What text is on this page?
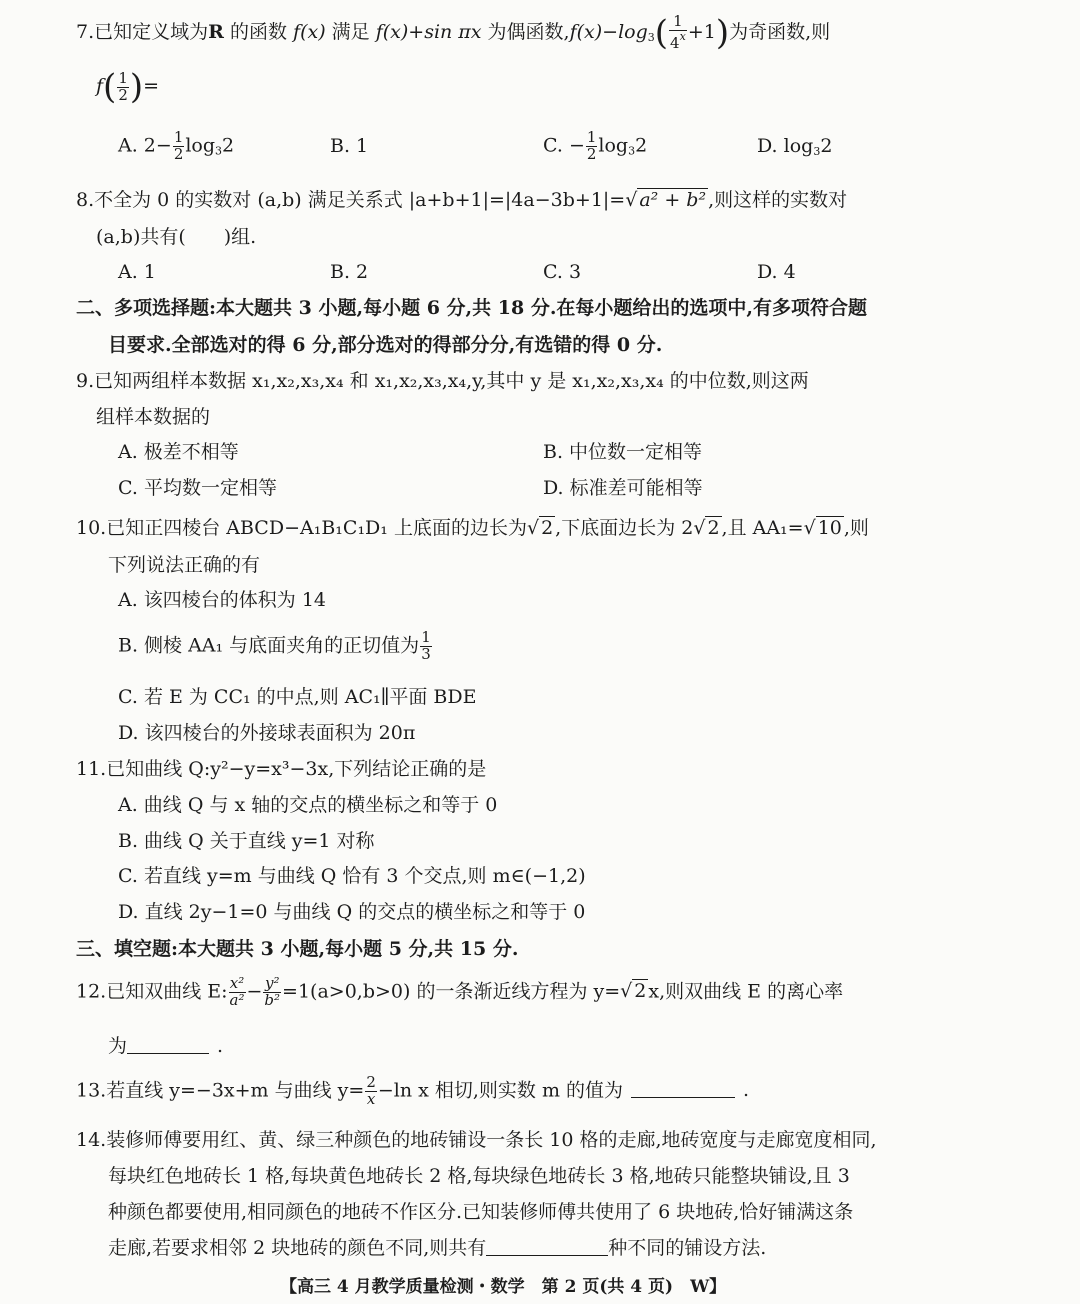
7.已知定义域为R 的函数 f(x) 满足 f(x)+sin πx 为偶函数$,f(x)-\log_3( \frac{1}{4^x} +1)$为奇函数,则
$f( \frac{1}{2}$ )=
A. $2- \frac{1}{2} \log_32$	B. 1	C. − $\frac{1}{2} \log_32$	D. $\log_32$
8.不全为 0 的实数对 (a,b) 满足关系式 |a+b+1|=|4a−3b+1|=√ a² + b² ,则这样的实数对
(a,b)共有(　　)组.
A. 1	B. 2	C. 3	D. 4
二、多项选择题:本大题共 3 小题,每小题 6 分,共 18 分.在每小题给出的选项中,有多项符合题
目要求.全部选对的得 6 分,部分选对的得部分分,有选错的得 0 分.
9.已知两组样本数据 x₁,x₂,x₃,x₄ 和 x₁,x₂,x₃,x₄,y,其中 y 是 x₁,x₂,x₃,x₄ 的中位数,则这两
组样本数据的
A. 极差不相等	B. 中位数一定相等
C. 平均数一定相等	D. 标准差可能相等
10.已知正四棱台 ABCD−A₁B₁C₁D₁ 上底面的边长为√ 2 ,下底面边长为 2√ 2 ,且 AA₁=√ 10 ,则
下列说法正确的有
A. 该四棱台的体积为 14
B. 侧棱 AA₁ 与底面夹角的正切值为 $\frac{1}{3}$
C. 若 E 为 CC₁ 的中点,则 AC₁∥平面 BDE
D. 该四棱台的外接球表面积为 20π
11.已知曲线 Q:y²−y=x³−3x,下列结论正确的是
A. 曲线 Q 与 x 轴的交点的横坐标之和等于 0
B. 曲线 Q 关于直线 y=1 对称
C. 若直线 y=m 与曲线 Q 恰有 3 个交点,则 m∈(−1,2)
D. 直线 2y−1=0 与曲线 Q 的交点的横坐标之和等于 0
三、填空题:本大题共 3 小题,每小题 5 分,共 15 分.
12.已知双曲线 E: $\frac{\text{x²}}{\text{a²}} - \frac{\text{y²}}{\text{b²}} =1(a>0,b>0)$ 的一条渐近线方程为 y=√ 2 x,则双曲线 E 的离心率
为	.
13.若直线 y=−3x+m 与曲线 $y= \frac{2}{x} -\ln$ x 相切,则实数 m 的值为	.
14.装修师傅要用红、黄、绿三种颜色的地砖铺设一条长 10 格的走廊,地砖宽度与走廊宽度相同,
每块红色地砖长 1 格,每块黄色地砖长 2 格,每块绿色地砖长 3 格,地砖只能整块铺设,且 3
种颜色都要使用,相同颜色的地砖不作区分.已知装修师傅共使用了 6 块地砖,恰好铺满这条
走廊,若要求相邻 2 块地砖的颜色不同,则共有	种不同的铺设方法.
【高三 4 月教学质量检测・数学　第 2 页(共 4 页)　W】
